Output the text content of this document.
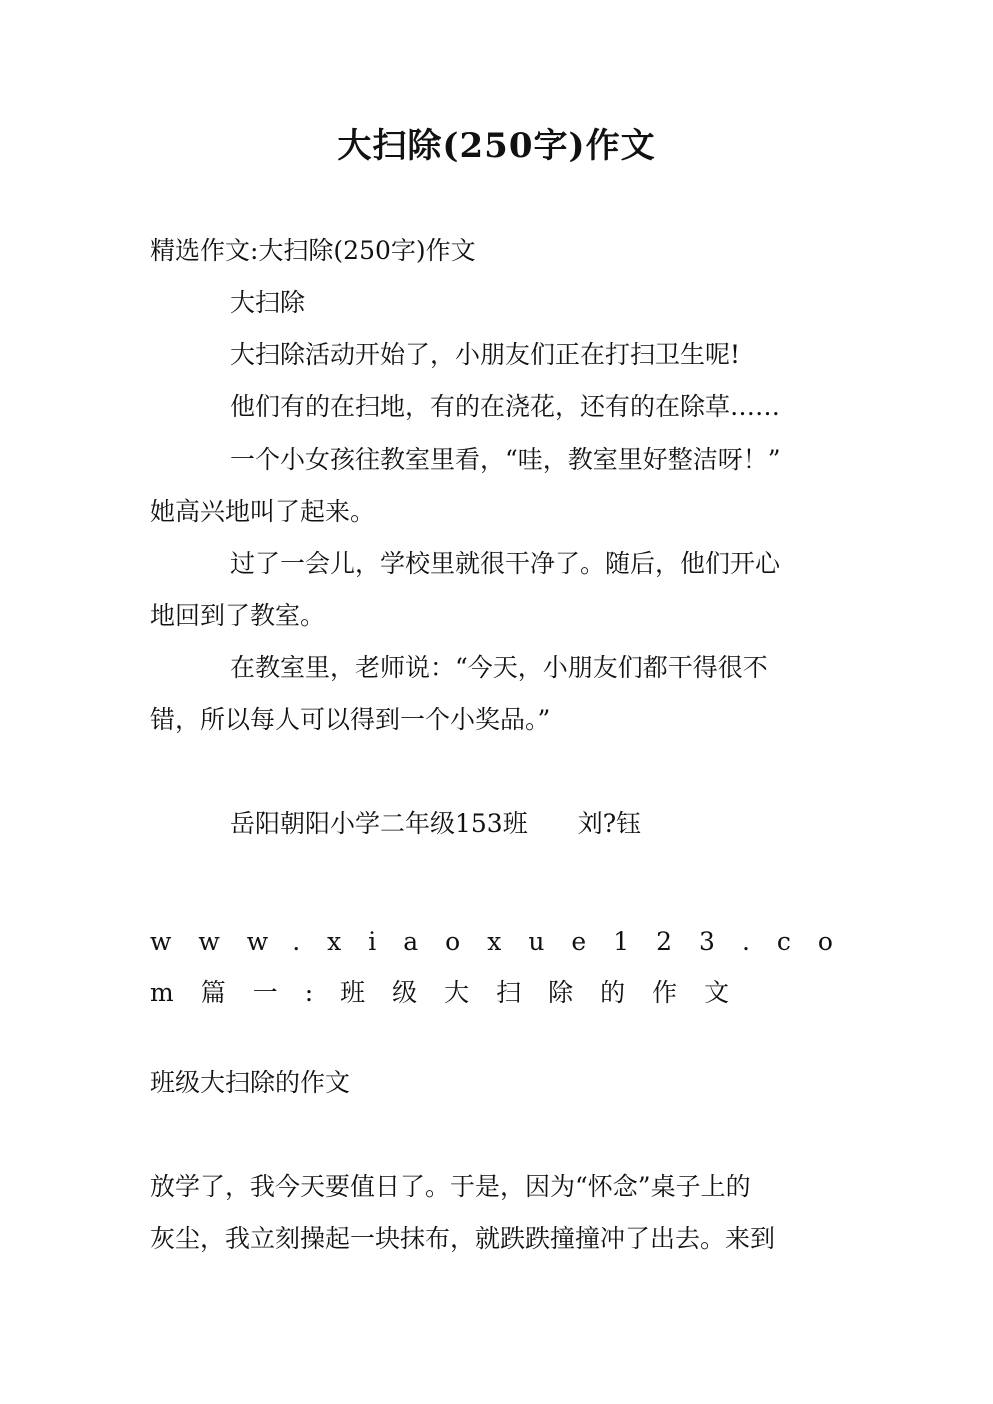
大扫除(250字)作文
精选作文:大扫除(250字)作文
大扫除
大扫除活动开始了，小朋友们正在打扫卫生呢!
他们有的在扫地，有的在浇花，还有的在除草……
一个小女孩往教室里看，“哇，教室里好整洁呀！”
她高兴地叫了起来。
过了一会儿，学校里就很干净了。随后，他们开心
地回到了教室。
在教室里，老师说：“今天，小朋友们都干得很不
错，所以每人可以得到一个小奖品。”
岳阳朝阳小学二年级153班　　刘?钰
www.xiaoxue123.com篇一:班级大扫除的作文
班级大扫除的作文
放学了，我今天要值日了。于是，因为“怀念”桌子上的
灰尘，我立刻操起一块抹布，就跌跌撞撞冲了出去。来到
